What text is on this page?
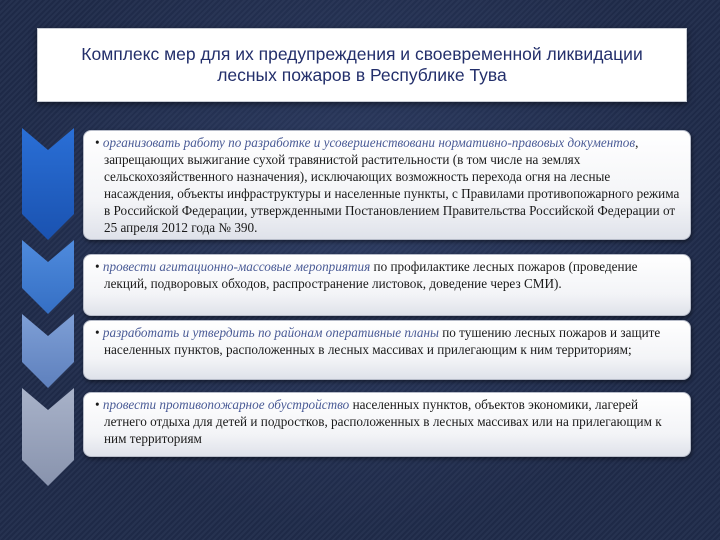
Комплекс мер для их предупреждения и своевременной ликвидации
лесных пожаров в Республике Тува

• организовать работу по разработке и усовершенствовани нормативно-правовых документов, запрещающих выжигание сухой травянистой растительности (в том числе на землях сельскохозяйственного назначения), исключающих возможность перехода огня на лесные насаждения, объекты инфраструктуры и населенные пункты, с Правилами противопожарного режима в Российской Федерации, утвержденными Постановлением Правительства Российской Федерации от 25 апреля 2012 года № 390.

• провести агитационно-массовые мероприятия по профилактике лесных пожаров (проведение лекций, подворовых обходов, распространение листовок, доведение через СМИ).

• разработать и утвердить по районам оперативные планы по тушению лесных пожаров и защите населенных пунктов, расположенных в лесных массивах и прилегающим к ним территориям;

• провести противопожарное обустройство населенных пунктов, объектов экономики, лагерей летнего отдыха для детей и подростков, расположенных в лесных массивах или на прилегающим к ним территориям
